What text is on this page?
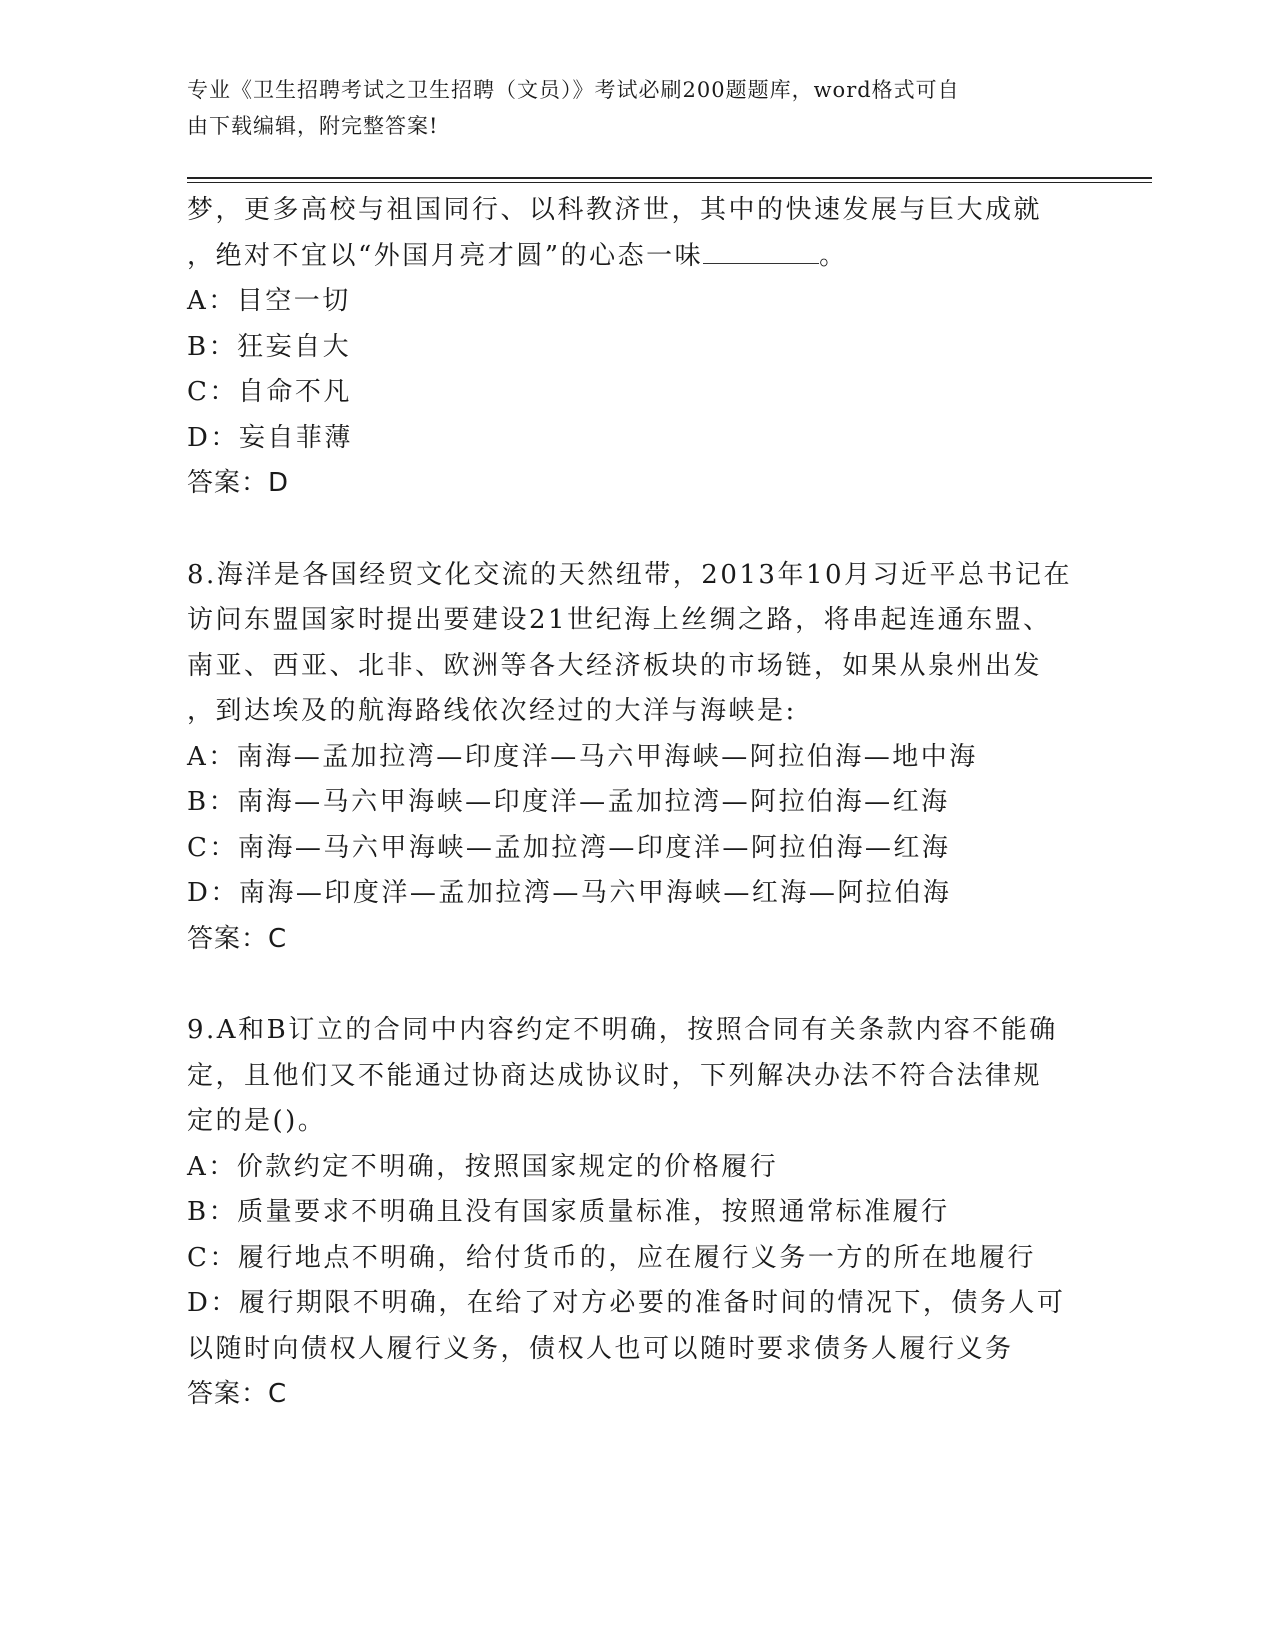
专业《卫生招聘考试之卫生招聘（文员）》考试必刷200题题库，word格式可自
由下载编辑，附完整答案!

梦，更多高校与祖国同行、以科教济世，其中的快速发展与巨大成就

，绝对不宜以“外国月亮才圆”的心态一味	。

A：目空一切

B：狂妄自大

C：自命不凡

D：妄自菲薄

答案：D

8.海洋是各国经贸文化交流的天然纽带，2013年10月习近平总书记在

访问东盟国家时提出要建设21世纪海上丝绸之路，将串起连通东盟、

南亚、西亚、北非、欧洲等各大经济板块的市场链，如果从泉州出发

，到达埃及的航海路线依次经过的大洋与海峡是:

A：南海—孟加拉湾—印度洋—马六甲海峡—阿拉伯海—地中海

B：南海—马六甲海峡—印度洋—孟加拉湾—阿拉伯海—红海

C：南海—马六甲海峡—孟加拉湾—印度洋—阿拉伯海—红海

D：南海—印度洋—孟加拉湾—马六甲海峡—红海—阿拉伯海

答案：C

9.A和B订立的合同中内容约定不明确，按照合同有关条款内容不能确

定，且他们又不能通过协商达成协议时，下列解决办法不符合法律规

定的是()。

A：价款约定不明确，按照国家规定的价格履行

B：质量要求不明确且没有国家质量标准，按照通常标准履行

C：履行地点不明确，给付货币的，应在履行义务一方的所在地履行

D：履行期限不明确，在给了对方必要的准备时间的情况下，债务人可

以随时向债权人履行义务，债权人也可以随时要求债务人履行义务

答案：C
